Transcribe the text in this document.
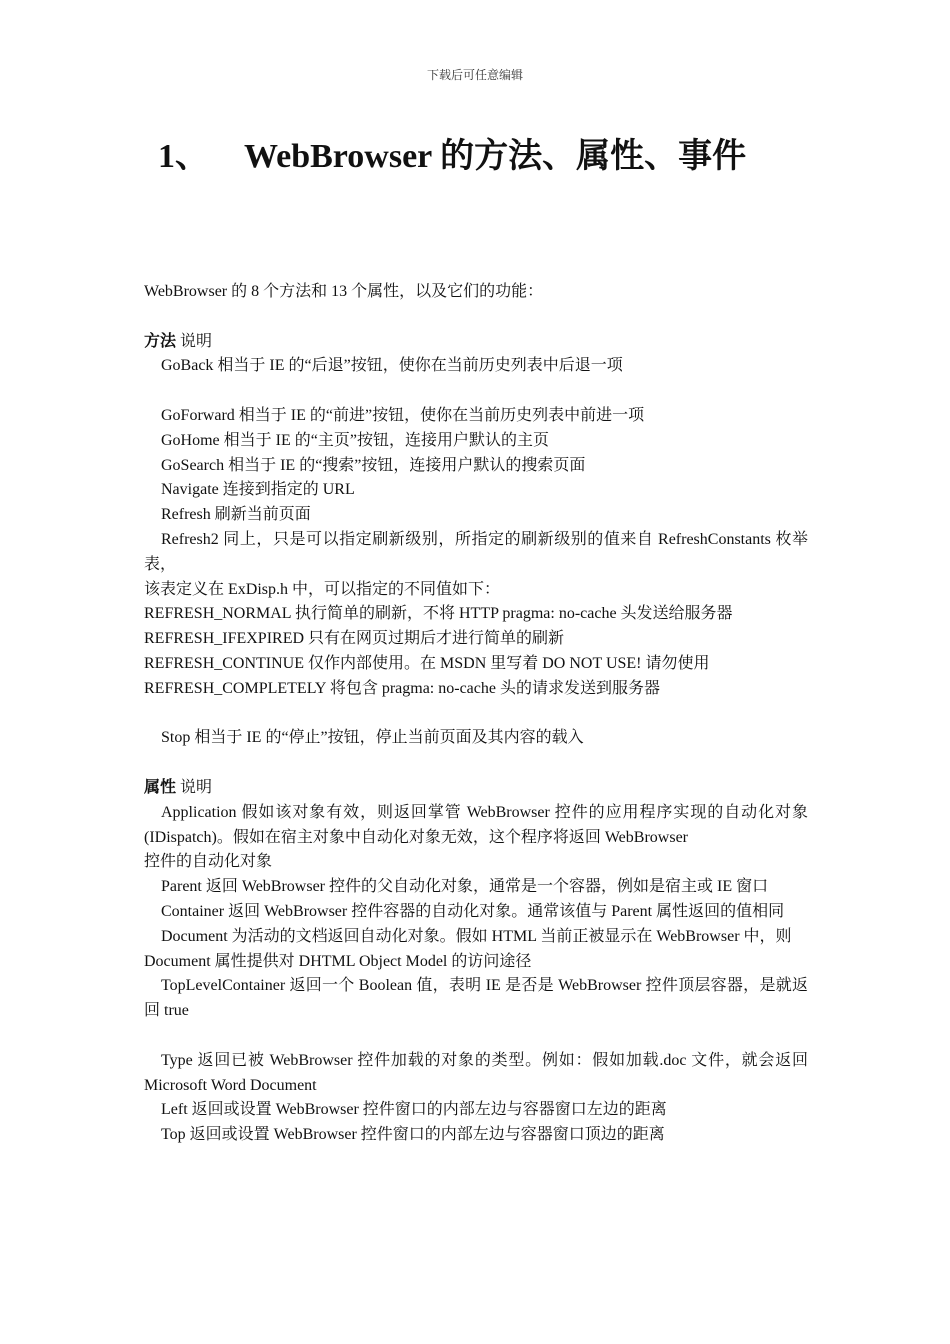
下载后可任意编辑
1、 WebBrowser 的方法、属性、事件
WebBrowser 的 8 个方法和 13 个属性，以及它们的功能：
方法 说明
GoBack 相当于 IE 的“后退”按钮，使你在当前历史列表中后退一项
GoForward 相当于 IE 的“前进”按钮，使你在当前历史列表中前进一项
GoHome 相当于 IE 的“主页”按钮，连接用户默认的主页
GoSearch 相当于 IE 的“搜索”按钮，连接用户默认的搜索页面
Navigate 连接到指定的 URL
Refresh 刷新当前页面
Refresh2 同上，只是可以指定刷新级别，所指定的刷新级别的值来自 RefreshConstants 枚举表，
该表定义在 ExDisp.h 中，可以指定的不同值如下：
REFRESH_NORMAL 执行简单的刷新，不将 HTTP pragma: no-cache 头发送给服务器
REFRESH_IFEXPIRED 只有在网页过期后才进行简单的刷新
REFRESH_CONTINUE 仅作内部使用。在 MSDN 里写着 DO NOT USE! 请勿使用
REFRESH_COMPLETELY 将包含 pragma: no-cache 头的请求发送到服务器
Stop 相当于 IE 的“停止”按钮，停止当前页面及其内容的载入
属性 说明
Application 假如该对象有效，则返回掌管 WebBrowser 控件的应用程序实现的自动化对象(IDispatch)。假如在宿主对象中自动化对象无效，这个程序将返回 WebBrowser
控件的自动化对象
Parent 返回 WebBrowser 控件的父自动化对象，通常是一个容器，例如是宿主或 IE 窗口
Container 返回 WebBrowser 控件容器的自动化对象。通常该值与 Parent 属性返回的值相同
Document 为活动的文档返回自动化对象。假如 HTML 当前正被显示在 WebBrowser 中，则
Document 属性提供对 DHTML Object Model 的访问途径
TopLevelContainer 返回一个 Boolean 值，表明 IE 是否是 WebBrowser 控件顶层容器，是就返回 true
Type 返回已被 WebBrowser 控件加载的对象的类型。例如：假如加载.doc 文件，就会返回 Microsoft Word Document
Left 返回或设置 WebBrowser 控件窗口的内部左边与容器窗口左边的距离
Top 返回或设置 WebBrowser 控件窗口的内部左边与容器窗口顶边的距离
